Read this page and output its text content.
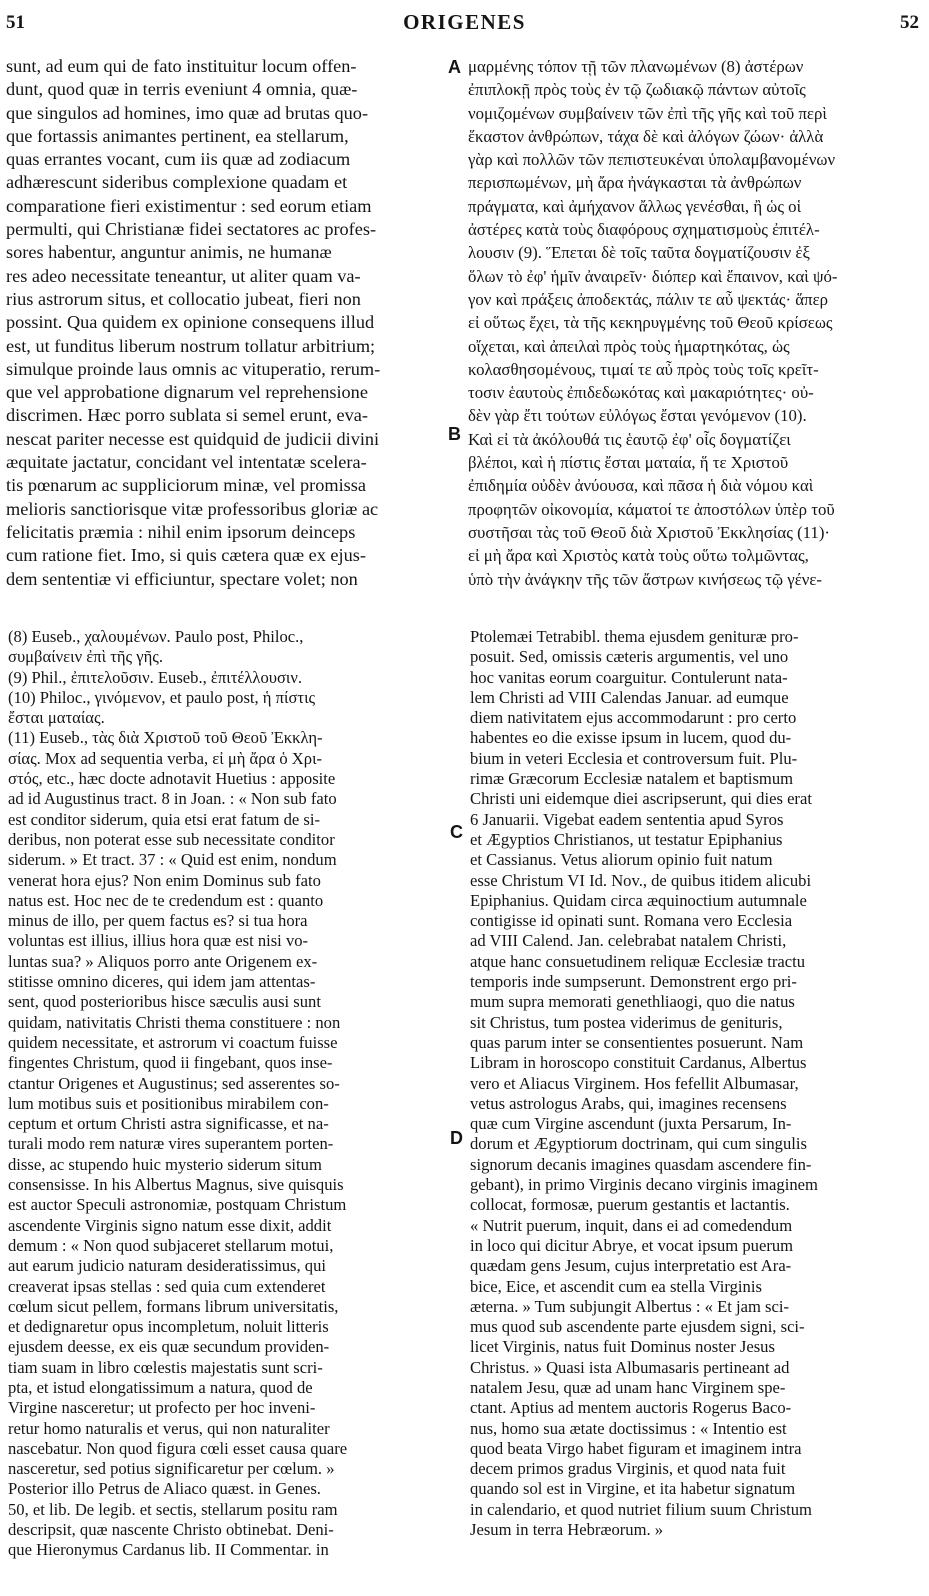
51	ORIGENES	52
A
B
C
D
sunt, ad eum qui de fato instituitur locum offen-
dunt, quod quæ in terris eveniunt 4 omnia, quæ-
que singulos ad homines, imo quæ ad brutas quo-
que fortassis animantes pertinent, ea stellarum,
quas errantes vocant, cum iis quæ ad zodiacum
adhærescunt sideribus complexione quadam et
comparatione fieri existimentur : sed eorum etiam
permulti, qui Christianæ fidei sectatores ac profes-
sores habentur, anguntur animis, ne humanæ
res adeo necessitate teneantur, ut aliter quam va-
rius astrorum situs, et collocatio jubeat, fieri non
possint. Qua quidem ex opinione consequens illud
est, ut funditus liberum nostrum tollatur arbitrium;
simulque proinde laus omnis ac vituperatio, rerum-
que vel approbatione dignarum vel reprehensione
discrimen. Hæc porro sublata si semel erunt, eva-
nescat pariter necesse est quidquid de judicii divini
æquitate jactatur, concidant vel intentatæ scelera-
tis pœnarum ac suppliciorum minæ, vel promissa
melioris sanctiorisque vitæ professoribus gloriæ ac
felicitatis præmia : nihil enim ipsorum deinceps
cum ratione fiet. Imo, si quis cætera quæ ex ejus-
dem sententiæ vi efficiuntur, spectare volet; non
μαρμένης τόπον τῇ τῶν πλανωμένων (8) ἀστέρων
ἐπιπλοκῇ πρὸς τοὺς ἐν τῷ ζωδιακῷ πάντων αὐτοῖς
νομιζομένων συμβαίνειν τῶν ἐπὶ τῆς γῆς καὶ τοῦ περὶ
ἕκαστον ἀνθρώπων, τάχα δὲ καὶ ἀλόγων ζώων· ἀλλὰ
γὰρ καὶ πολλῶν τῶν πεπιστευκέναι ὑπολαμβανομένων
περισπωμένων, μὴ ἄρα ἠνάγκασται τὰ ἀνθρώπων
πράγματα, καὶ ἀμήχανον ἄλλως γενέσθαι, ἢ ὡς οἱ
ἀστέρες κατὰ τοὺς διαφόρους σχηματισμοὺς ἐπιτέλ-
λουσιν (9). Ἕπεται δὲ τοῖς ταῦτα δογματίζουσιν ἐξ
ὅλων τὸ ἐφ' ἡμῖν ἀναιρεῖν· διόπερ καὶ ἔπαινον, καὶ ψό-
γον καὶ πράξεις ἀποδεκτάς, πάλιν τε αὖ ψεκτάς· ἅπερ
εἰ οὕτως ἔχει, τὰ τῆς κεκηρυγμένης τοῦ Θεοῦ κρίσεως
οἴχεται, καὶ ἀπειλαὶ πρὸς τοὺς ἡμαρτηκότας, ὡς
κολασθησομένους, τιμαί τε αὖ πρὸς τοὺς τοῖς κρεῖτ-
τοσιν ἑαυτοὺς ἐπιδεδωκότας καὶ μακαριότητες· οὐ-
δὲν γὰρ ἔτι τούτων εὐλόγως ἔσται γενόμενον (10).
Καὶ εἰ τὰ ἀκόλουθά τις ἑαυτῷ ἐφ' οἷς δογματίζει
βλέποι, καὶ ἡ πίστις ἔσται ματαία, ἥ τε Χριστοῦ
ἐπιδημία οὐδὲν ἀνύουσα, καὶ πᾶσα ἡ διὰ νόμου καὶ
προφητῶν οἰκονομία, κάματοί τε ἀποστόλων ὑπὲρ τοῦ
συστῆσαι τὰς τοῦ Θεοῦ διὰ Χριστοῦ Ἐκκλησίας (11)·
εἰ μὴ ἄρα καὶ Χριστὸς κατὰ τοὺς οὕτω τολμῶντας,
ὑπὸ τὴν ἀνάγκην τῆς τῶν ἄστρων κινήσεως τῷ γένε-
(8) Euseb., χαλουμένων. Paulo post, Philoc.,
συμβαίνειν ἐπὶ τῆς γῆς.
(9) Phil., ἐπιτελοῦσιν. Euseb., ἐπιτέλλουσιν.
(10) Philoc., γινόμενον, et paulo post, ἡ πίστις
ἔσται ματαίας.
(11) Euseb., τὰς διὰ Χριστοῦ τοῦ Θεοῦ Ἐκκλη-
σίας. Mox ad sequentia verba, εἰ μὴ ἄρα ὁ Χρι-
στός, etc., hæc docte adnotavit Huetius : apposite
ad id Augustinus tract. 8 in Joan. : « Non sub fato
est conditor siderum, quia etsi erat fatum de si-
deribus, non poterat esse sub necessitate conditor
siderum. » Et tract. 37 : « Quid est enim, nondum
venerat hora ejus? Non enim Dominus sub fato
natus est. Hoc nec de te credendum est : quanto
minus de illo, per quem factus es? si tua hora
voluntas est illius, illius hora quæ est nisi vo-
luntas sua? » Aliquos porro ante Origenem ex-
stitisse omnino diceres, qui idem jam attentas-
sent, quod posterioribus hisce sæculis ausi sunt
quidam, nativitatis Christi thema constituere : non
quidem necessitate, et astrorum vi coactum fuisse
fingentes Christum, quod ii fingebant, quos inse-
ctantur Origenes et Augustinus; sed asserentes so-
lum motibus suis et positionibus mirabilem con-
ceptum et ortum Christi astra significasse, et na-
turali modo rem naturæ vires superantem porten-
disse, ac stupendo huic mysterio siderum situm
consensisse. In his Albertus Magnus, sive quisquis
est auctor Speculi astronomiæ, postquam Christum
ascendente Virginis signo natum esse dixit, addit
demum : « Non quod subjaceret stellarum motui,
aut earum judicio naturam desideratissimus, qui
creaverat ipsas stellas : sed quia cum extenderet
cœlum sicut pellem, formans librum universitatis,
et dedignaretur opus incompletum, noluit litteris
ejusdem deesse, ex eis quæ secundum providen-
tiam suam in libro cœlestis majestatis sunt scri-
pta, et istud elongatissimum a natura, quod de
Virgine nasceretur; ut profecto per hoc inveni-
retur homo naturalis et verus, qui non naturaliter
nascebatur. Non quod figura cœli esset causa quare
nasceretur, sed potius significaretur per cœlum. »
Posterior illo Petrus de Aliaco quæst. in Genes.
50, et lib. De legib. et sectis, stellarum positu ram
descripsit, quæ nascente Christo obtinebat. Deni-
que Hieronymus Cardanus lib. II Commentar. in
Ptolemæi Tetrabibl. thema ejusdem genituræ pro-
posuit. Sed, omissis cæteris argumentis, vel uno
hoc vanitas eorum coarguitur. Contulerunt nata-
lem Christi ad VIII Calendas Januar. ad eumque
diem nativitatem ejus accommodarunt : pro certo
habentes eo die exisse ipsum in lucem, quod du-
bium in veteri Ecclesia et controversum fuit. Plu-
rimæ Græcorum Ecclesiæ natalem et baptismum
Christi uni eidemque diei ascripserunt, qui dies erat
6 Januarii. Vigebat eadem sententia apud Syros
et Ægyptios Christianos, ut testatur Epiphanius
et Cassianus. Vetus aliorum opinio fuit natum
esse Christum VI Id. Nov., de quibus itidem alicubi
Epiphanius. Quidam circa æquinoctium autumnale
contigisse id opinati sunt. Romana vero Ecclesia
ad VIII Calend. Jan. celebrabat natalem Christi,
atque hanc consuetudinem reliquæ Ecclesiæ tractu
temporis inde sumpserunt. Demonstrent ergo pri-
mum supra memorati genethliaogi, quo die natus
sit Christus, tum postea viderimus de genituris,
quas parum inter se consentientes posuerunt. Nam
Libram in horoscopo constituit Cardanus, Albertus
vero et Aliacus Virginem. Hos fefellit Albumasar,
vetus astrologus Arabs, qui, imagines recensens
quæ cum Virgine ascendunt (juxta Persarum, In-
dorum et Ægyptiorum doctrinam, qui cum singulis
signorum decanis imagines quasdam ascendere fin-
gebant), in primo Virginis decano virginis imaginem
collocat, formosæ, puerum gestantis et lactantis.
« Nutrit puerum, inquit, dans ei ad comedendum
in loco qui dicitur Abrye, et vocat ipsum puerum
quædam gens Jesum, cujus interpretatio est Ara-
bice, Eice, et ascendit cum ea stella Virginis
æterna. » Tum subjungit Albertus : « Et jam sci-
mus quod sub ascendente parte ejusdem signi, sci-
licet Virginis, natus fuit Dominus noster Jesus
Christus. » Quasi ista Albumasaris pertineant ad
natalem Jesu, quæ ad unam hanc Virginem spe-
ctant. Aptius ad mentem auctoris Rogerus Baco-
nus, homo sua ætate doctissimus : « Intentio est
quod beata Virgo habet figuram et imaginem intra
decem primos gradus Virginis, et quod nata fuit
quando sol est in Virgine, et ita habetur signatum
in calendario, et quod nutriet filium suum Christum
Jesum in terra Hebræorum. »
